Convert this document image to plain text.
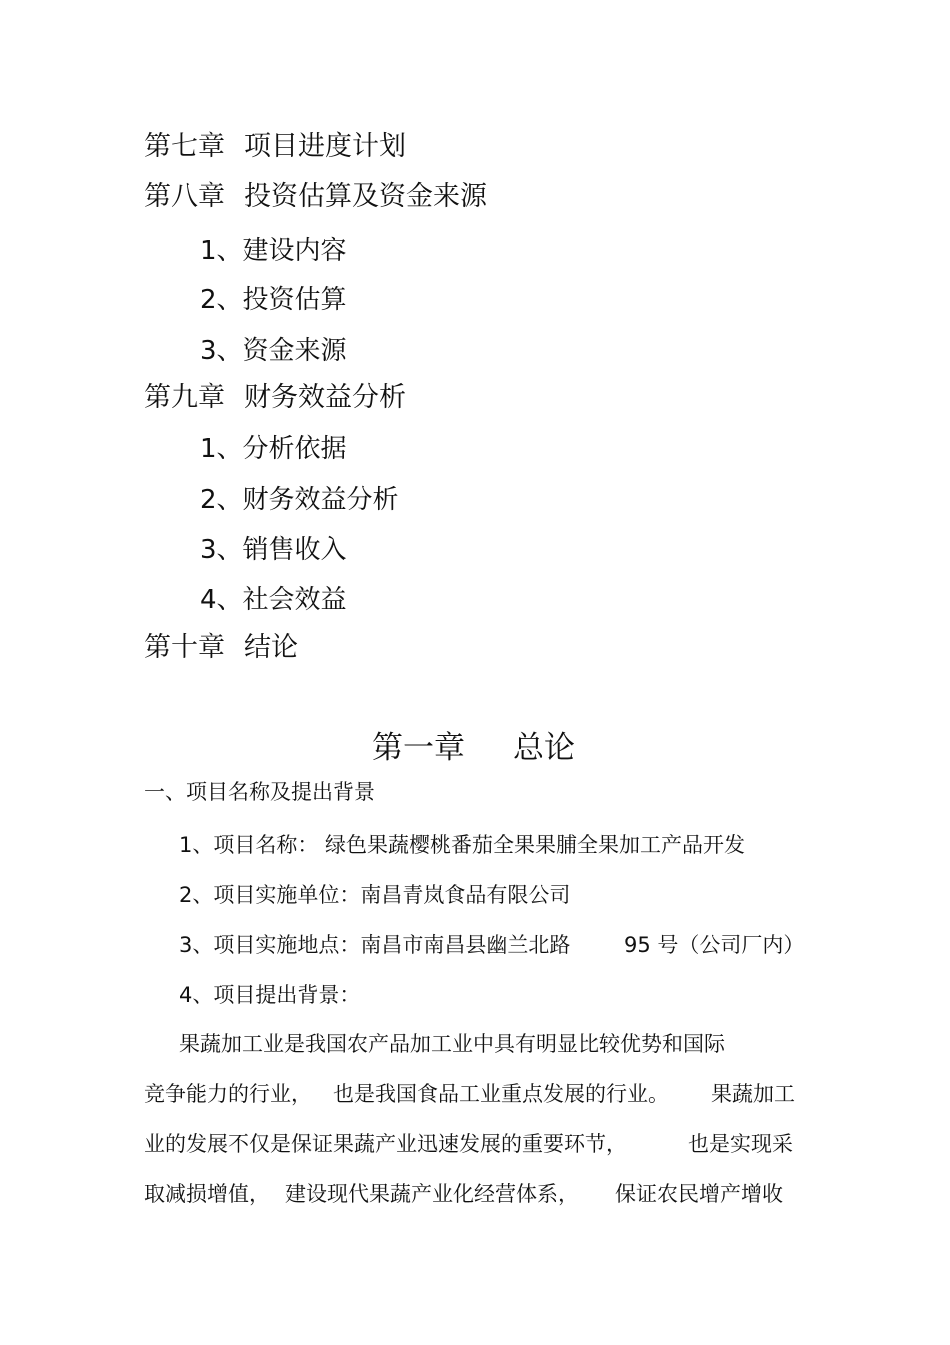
第七章 项目进度计划
第八章 投资估算及资金来源
1、建设内容
2、投资估算
3、资金来源
第九章 财务效益分析
1、分析依据
2、财务效益分析
3、销售收入
4、社会效益
第十章 结论
第一章 总论
一、项目名称及提出背景
1、项目名称： 绿色果蔬樱桃番茄全果果脯全果加工产品开发
2、项目实施单位：南昌青岚食品有限公司
3、项目实施地点：南昌市南昌县幽兰北路	95 号（公司厂内）
4、项目提出背景：
果蔬加工业是我国农产品加工业中具有明显比较优势和国际
竞争能力的行业， 也是我国食品工业重点发展的行业。 果蔬加工
业的发展不仅是保证果蔬产业迅速发展的重要环节，	也是实现采
取减损增值， 建设现代果蔬产业化经营体系， 保证农民增产增收
